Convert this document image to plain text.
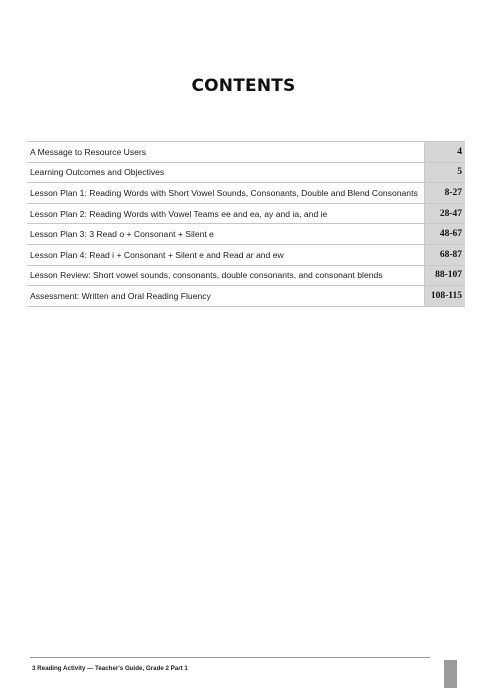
CONTENTS
A Message to Resource Users	4
Learning Outcomes and Objectives	5
Lesson Plan 1: Reading Words with Short Vowel Sounds, Consonants, Double and Blend Consonants	8-27
Lesson Plan 2: Reading Words with Vowel Teams ee and ea, ay and ia, and ie	28-47
Lesson Plan 3: 3 Read o + Consonant + Silent e	48-67
Lesson Plan 4: Read i + Consonant + Silent e and Read ar and ew	68-87
Lesson Review: Short vowel sounds, consonants, double consonants, and consonant blends	88-107
Assessment: Written and Oral Reading Fluency	108-115
3 Reading Activity — Teacher's Guide, Grade 2 Part 1
